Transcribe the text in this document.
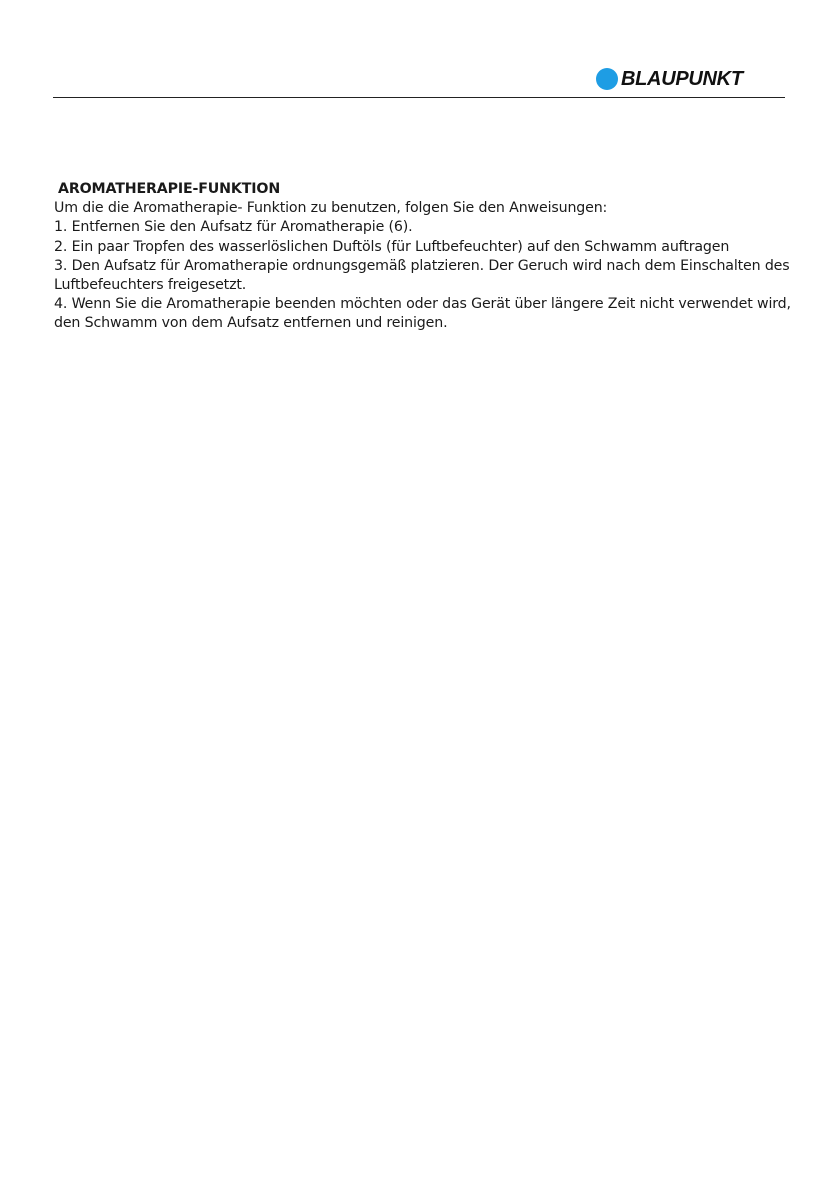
BLAUPUNKT

AROMATHERAPIE-FUNKTION

Um die die Aromatherapie- Funktion zu benutzen, folgen Sie den Anweisungen:

1. Entfernen Sie den Aufsatz für Aromatherapie (6).

2. Ein paar Tropfen des wasserlöslichen Duftöls (für Luftbefeuchter) auf den Schwamm auftragen

3. Den Aufsatz für Aromatherapie ordnungsgemäß platzieren. Der Geruch wird nach dem Einschalten des Luftbefeuchters freigesetzt.

4. Wenn Sie die Aromatherapie beenden möchten oder das Gerät über längere Zeit nicht verwendet wird, den Schwamm von dem Aufsatz entfernen und reinigen.
